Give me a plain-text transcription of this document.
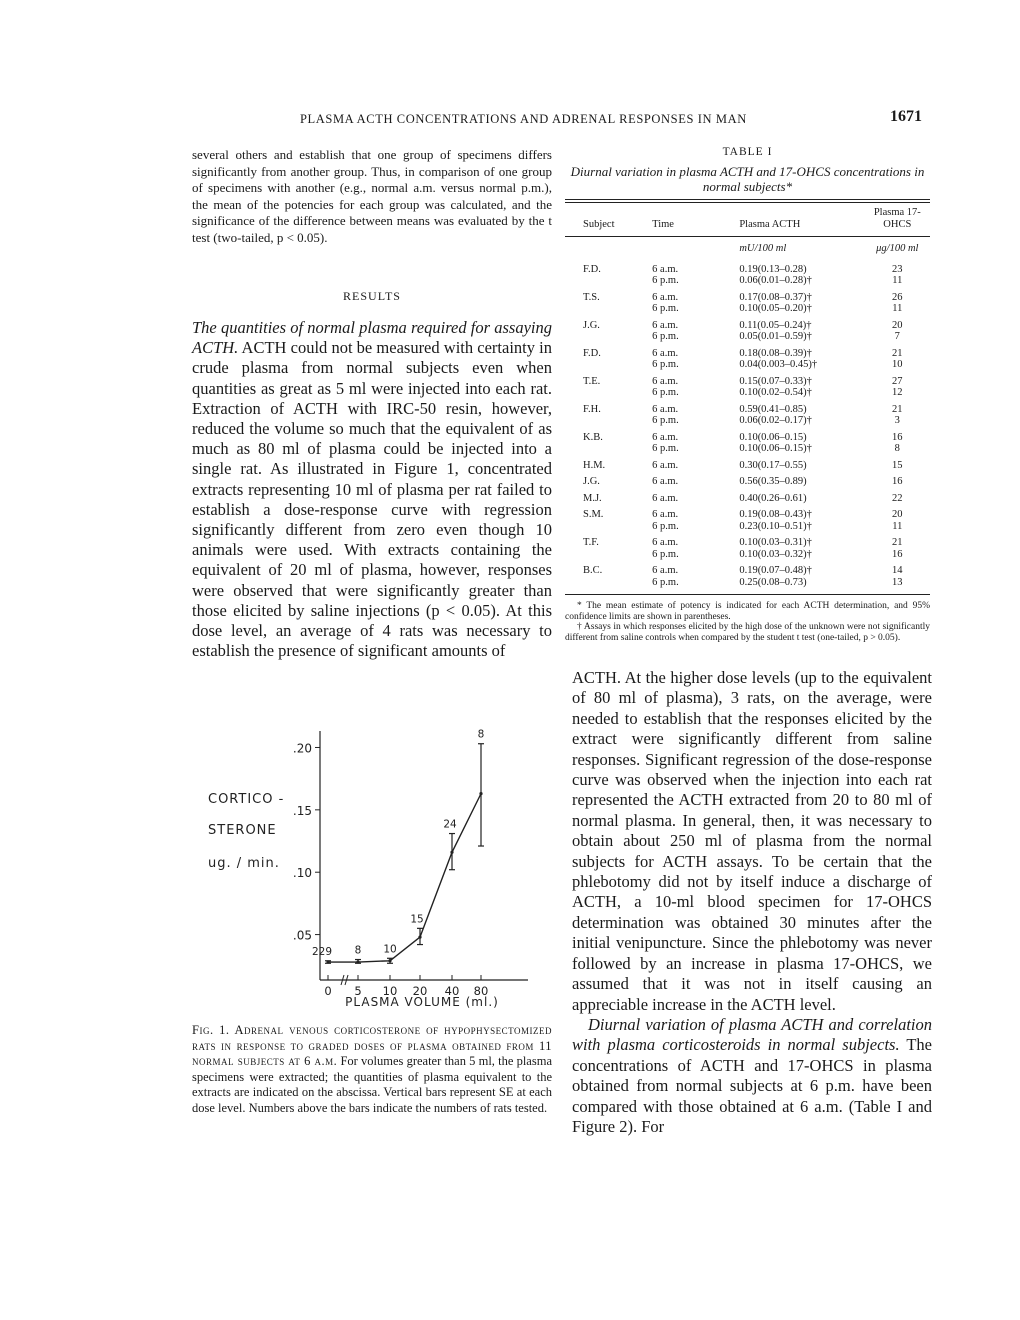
PLASMA ACTH CONCENTRATIONS AND ADRENAL RESPONSES IN MAN	1671
several others and establish that one group of specimens differs significantly from another group. Thus, in comparison of one group of specimens with another (e.g., normal a.m. versus normal p.m.), the mean of the potencies for each group was calculated, and the significance of the difference between means was evaluated by the t test (two-tailed, p < 0.05).
RESULTS
The quantities of normal plasma required for assaying ACTH. ACTH could not be measured with certainty in crude plasma from normal subjects even when quantities as great as 5 ml were injected into each rat. Extraction of ACTH with IRC-50 resin, however, reduced the volume so much that the equivalent of as much as 80 ml of plasma could be injected into a single rat. As illustrated in Figure 1, concentrated extracts representing 10 ml of plasma per rat failed to establish a dose-response curve with regression significantly different from zero even though 10 animals were used. With extracts containing the equivalent of 20 ml of plasma, however, responses were observed that were significantly greater than those elicited by saline injections (p < 0.05). At this dose level, an average of 4 rats was necessary to establish the presence of significant amounts of
.05
.10
.15
.20
0 5 10 20 40 80
PLASMA VOLUME (ml.)
CORTICO -
STERONE
ug. / min.
229 8 10
15
24
8
Fig. 1. Adrenal venous corticosterone of hypophysectomized rats in response to graded doses of plasma obtained from 11 normal subjects at 6 a.m. For volumes greater than 5 ml, the plasma specimens were extracted; the quantities of plasma equivalent to the extracts are indicated on the abscissa. Vertical bars represent SE at each dose level. Numbers above the bars indicate the numbers of rats tested.
TABLE I
Diurnal variation in plasma ACTH and 17-OHCS concentrations in normal subjects*
Subject	Time	Plasma ACTH	Plasma 17-OHCS
		mU/100 ml	μg/100 ml
F.D.	6 a.m.	0.19(0.13–0.28)	23
	6 p.m.	0.06(0.01–0.28)†	11
T.S.	6 a.m.	0.17(0.08–0.37)†	26
	6 p.m.	0.10(0.05–0.20)†	11
J.G.	6 a.m.	0.11(0.05–0.24)†	20
	6 p.m.	0.05(0.01–0.59)†	7
F.D.	6 a.m.	0.18(0.08–0.39)†	21
	6 p.m.	0.04(0.003–0.45)†	10
T.E.	6 a.m.	0.15(0.07–0.33)†	27
	6 p.m.	0.10(0.02–0.54)†	12
F.H.	6 a.m.	0.59(0.41–0.85)	21
	6 p.m.	0.06(0.02–0.17)†	3
K.B.	6 a.m.	0.10(0.06–0.15)	16
	6 p.m.	0.10(0.06–0.15)†	8
H.M.	6 a.m.	0.30(0.17–0.55)	15
J.G.	6 a.m.	0.56(0.35–0.89)	16
M.J.	6 a.m.	0.40(0.26–0.61)	22
S.M.	6 a.m.	0.19(0.08–0.43)†	20
	6 p.m.	0.23(0.10–0.51)†	11
T.F.	6 a.m.	0.10(0.03–0.31)†	21
	6 p.m.	0.10(0.03–0.32)†	16
B.C.	6 a.m.	0.19(0.07–0.48)†	14
	6 p.m.	0.25(0.08–0.73)	13

* The mean estimate of potency is indicated for each ACTH determination, and 95% confidence limits are shown in parentheses.

† Assays in which responses elicited by the high dose of the unknown were not significantly different from saline controls when compared by the student t test (one-tailed, p > 0.05).

ACTH. At the higher dose levels (up to the equivalent of 80 ml of plasma), 3 rats, on the average, were needed to establish that the responses elicited by the extract were significantly different from saline responses. Significant regression of the dose-response curve was observed when the injection into each rat represented the ACTH extracted from 20 to 80 ml of normal plasma. In general, then, it was necessary to obtain about 250 ml of plasma from the normal subjects for ACTH assays. To be certain that the phlebotomy did not by itself induce a discharge of ACTH, a 10-ml blood specimen for 17-OHCS determination was obtained 30 minutes after the initial venipuncture. Since the phlebotomy was never followed by an increase in plasma 17-OHCS, we assumed that it was not in itself causing an appreciable increase in the ACTH level.

Diurnal variation of plasma ACTH and correlation with plasma corticosteroids in normal subjects. The concentrations of ACTH and 17-OHCS in plasma obtained from normal subjects at 6 p.m. have been compared with those obtained at 6 a.m. (Table I and Figure 2). For
